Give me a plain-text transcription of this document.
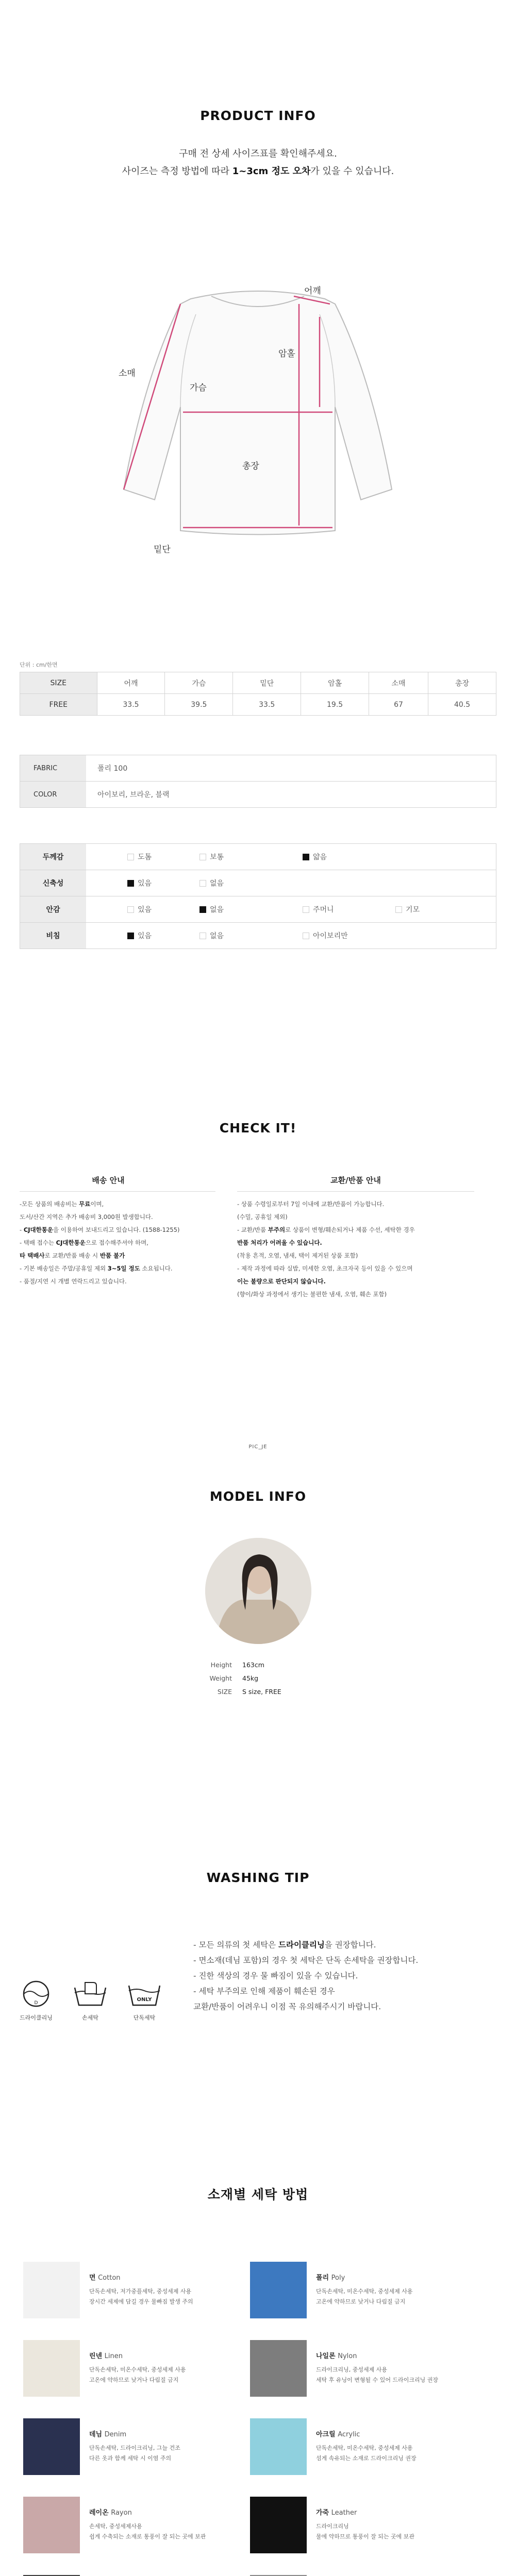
PRODUCT INFO
구매 전 상세 사이즈표를 확인해주세요.
사이즈는 측정 방법에 따라 1~3cm 정도 오차가 있을 수 있습니다.
어깨
소매
암홀
가슴
총장
밑단
단위 : cm/한면
SIZE	어깨	가슴	밑단	암홀	소매	총장
FREE	33.5	39.5	33.5	19.5	67	40.5
FABRIC	폴리 100
COLOR	아이보리, 브라운, 블랙
두께감	도톰	보통	얇음
신축성	있음	없음
안감	있음	없음	주머니	기모
비침	있음	없음	아이보리만
CHECK IT!
배송 안내	교환/반품 안내
-모든 상품의 배송비는 무료이며,
도서/산간 지역은 추가 배송비 3,000원 발생합니다.
- CJ대한통운을 이용하여 보내드리고 있습니다. (1588-1255)
- 택배 접수는 CJ대한통운으로 접수해주셔야 하며,
타 택배사로 교환/반품 배송 시 반품 불가
- 기본 배송일은 주말/공휴일 제외 3~5일 정도 소요됩니다.
- 품절/지연 시 개별 연락드리고 있습니다.
- 상품 수령일로부터 7일 이내에 교환/반품이 가능합니다.
(수밀, 공휴일 제외)
- 교환/반품 부주의로 상품이 변형/훼손되거나 제품 수선, 세탁한 경우
반품 처리가 어려울 수 있습니다.
(착용 흔적, 오염, 냄새, 택이 제거된 상품 포함)
- 제작 과정에 따라 실밥, 미세한 오염, 초크자국 등이 있을 수 있으며
이는 불량으로 판단되지 않습니다.
(향이/화상 과정에서 생기는 불편한 냄새, 오염, 훼손 포함)
PIC_JE
MODEL INFO
Height 163cm
Weight 45kg
SIZE S size, FREE
WASHING TIP
D
ONLY
드라이클리닝	손세탁	단독세탁
- 모든 의류의 첫 세탁은 드라이클리닝을 권장합니다.
- 면소재(데님 포함)의 경우 첫 세탁은 단독 손세탁을 권장합니다.
- 진한 색상의 경우 물 빠짐이 있을 수 있습니다.
- 세탁 부주의로 인해 제품이 훼손된 경우
교환/반품이 어려우니 이점 꼭 유의해주시기 바랍니다.
소재별 세탁 방법
면 Cotton
단독손세탁, 저가중플세탁, 중성세제 사용
장시간 세제에 담길 경우 물빠짐 발생 주의
폴리 Poly
단독손세탁, 미온수세탁, 중성세제 사용
고온에 약하므로 낮거나 다림질 금지
린넨 Linen
단독손세탁, 미온수세탁, 중성세제 사용
고온에 약하므로 낮거나 다림질 금지
나일론 Nylon
드라이크리닝, 중성세제 사용
세탁 후 유닝이 변형될 수 있어 드라이크리닝 권장
데님 Denim
단독손세탁, 드라이크리닝, 그늘 건조
다른 옷과 함께 세탁 시 이염 주의
아크릴 Acrylic
단독손세탁, 미온수세탁, 중성세제 사용
섬게 속유되는 소재로 드라이크리닝 권장
레이온 Rayon
손세탁, 중성세제사용
쉽게 수축되는 소재로 통풍이 잘 되는 곳에 보관
가죽 Leather
드라이크리닝
물에 약하므로 통풍이 잘 되는 곳에 보관
